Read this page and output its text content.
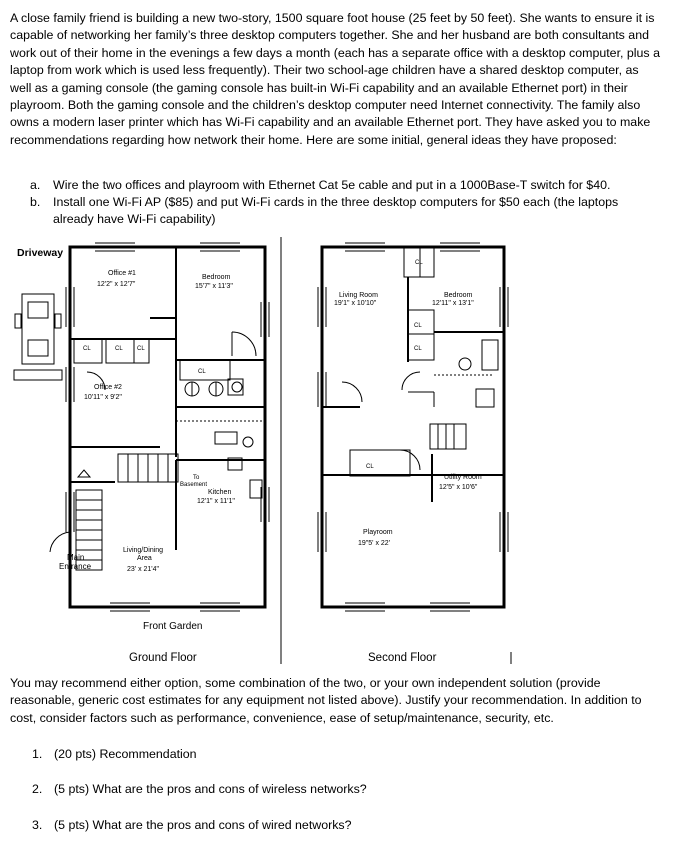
A close family friend is building a new two-story, 1500 square foot house (25 feet by 50 feet). She wants to ensure it is capable of networking her family’s three desktop computers together. She and her husband are both consultants and work out of their home in the evenings a few days a month (each has a separate office with a desktop computer, plus a laptop from work which is used less frequently). Their two school-age children have a shared desktop computer, as well as a gaming console (the gaming console has built-in Wi-Fi capability and an available Ethernet port) in their playroom. Both the gaming console and the children’s desktop computer need Internet connectivity. The family also owns a modern laser printer which has Wi-Fi capability and an available Ethernet port. They have asked you to make recommendations regarding how network their home. Here are some initial, general ideas they have proposed:

a. Wire the two offices and playroom with Ethernet Cat 5e cable and put in a 1000Base-T switch for $40.
b. Install one Wi-Fi AP ($85) and put Wi-Fi cards in the three desktop computers for $50 each (the laptops already have Wi-Fi capability)
Driveway
Office #1
12'2" x 12'7"
Bedroom
15'7" x 11'3"
CL	CL CL
CL
Office #2
10'11" x 9'2"
To
Basement
Kitchen
12'1" x 11'1"
Living/Dining
Area
23' x 21'4"
Main
Entrance
Front Garden
Ground Floor
CL
Living Room
19'1" x 10'10"
Bedroom
12'11" x 13'1"
CL
CL
CL
Utility Room
12'5" x 10'6"
Playroom
19"5' x 22'
Second Floor

You may recommend either option, some combination of the two, or your own independent solution (provide reasonable, generic cost estimates for any equipment not listed above). Justify your recommendation. In addition to cost, consider factors such as performance, convenience, ease of setup/maintenance, security, etc.

1. (20 pts) Recommendation
2. (5 pts) What are the pros and cons of wireless networks?
3. (5 pts) What are the pros and cons of wired networks?
